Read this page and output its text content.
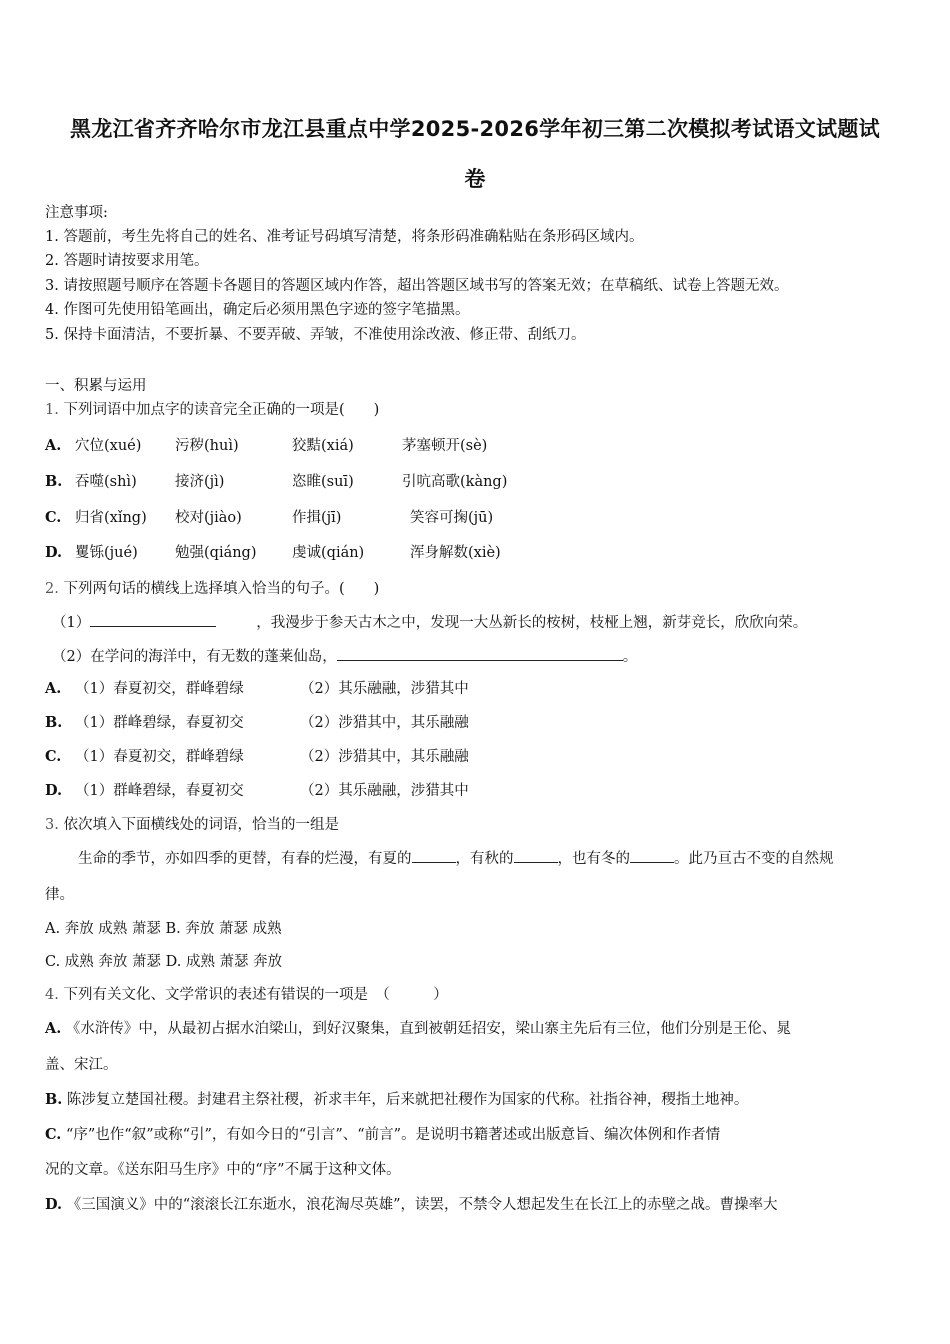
黑龙江省齐齐哈尔市龙江县重点中学2025-2026学年初三第二次模拟考试语文试题试
卷
注意事项:
1. 答题前，考生先将自己的姓名、准考证号码填写清楚，将条形码准确粘贴在条形码区域内。
2. 答题时请按要求用笔。
3. 请按照题号顺序在答题卡各题目的答题区域内作答，超出答题区域书写的答案无效；在草稿纸、试卷上答题无效。
4. 作图可先使用铅笔画出，确定后必须用黑色字迹的签字笔描黑。
5. 保持卡面清洁，不要折暴、不要弄破、弄皱，不准使用涂改液、修正带、刮纸刀。
一、积累与运用
1. 下列词语中加点字的读音完全正确的一项是(　　)
A. 穴位(xué) 污秽(huì)	狡黠(xiá)	茅塞顿开(sè)
B. 吞噬(shì)	接济(jì)	恣睢(suī)	引吭高歌(kàng)
C. 归省(xǐng) 校对(jiào)	作揖(jī)	笑容可掬(jū)
D. 矍铄(jué)	勉强(qiáng) 虔诚(qián)	浑身解数(xiè)
2. 下列两句话的横线上选择填入恰当的句子。(　　)
（1）	，我漫步于参天古木之中，发现一大丛新长的桉树，枝桠上翘，新芽竞长，欣欣向荣。
（2）在学问的海洋中，有无数的蓬莱仙岛，	。
A. （1）春夏初交，群峰碧绿	（2）其乐融融，涉猎其中
B. （1）群峰碧绿，春夏初交	（2）涉猎其中，其乐融融
C. （1）春夏初交，群峰碧绿	（2）涉猎其中，其乐融融
D. （1）群峰碧绿，春夏初交	（2）其乐融融，涉猎其中
3. 依次填入下面横线处的词语，恰当的一组是
生命的季节，亦如四季的更替，有春的烂漫，有夏的	，有秋的	，也有冬的	。此乃亘古不变的自然规
律。
A. 奔放 成熟 萧瑟 B. 奔放 萧瑟 成熟
C. 成熟 奔放 萧瑟 D. 成熟 萧瑟 奔放
4. 下列有关文化、文学常识的表述有错误的一项是　（　　　）
A. 《水浒传》中，从最初占据水泊梁山，到好汉聚集，直到被朝廷招安，梁山寨主先后有三位，他们分别是王伦、晁
盖、宋江。
B. 陈涉复立楚国社稷。封建君主祭社稷，祈求丰年，后来就把社稷作为国家的代称。社指谷神，稷指土地神。
C. “序”也作“叙”或称“引”，有如今日的“引言”、“前言”。是说明书籍著述或出版意旨、编次体例和作者情
况的文章。《送东阳马生序》中的“序”不属于这种文体。
D. 《三国演义》中的“滚滚长江东逝水，浪花淘尽英雄”，读罢，不禁令人想起发生在长江上的赤壁之战。曹操率大
